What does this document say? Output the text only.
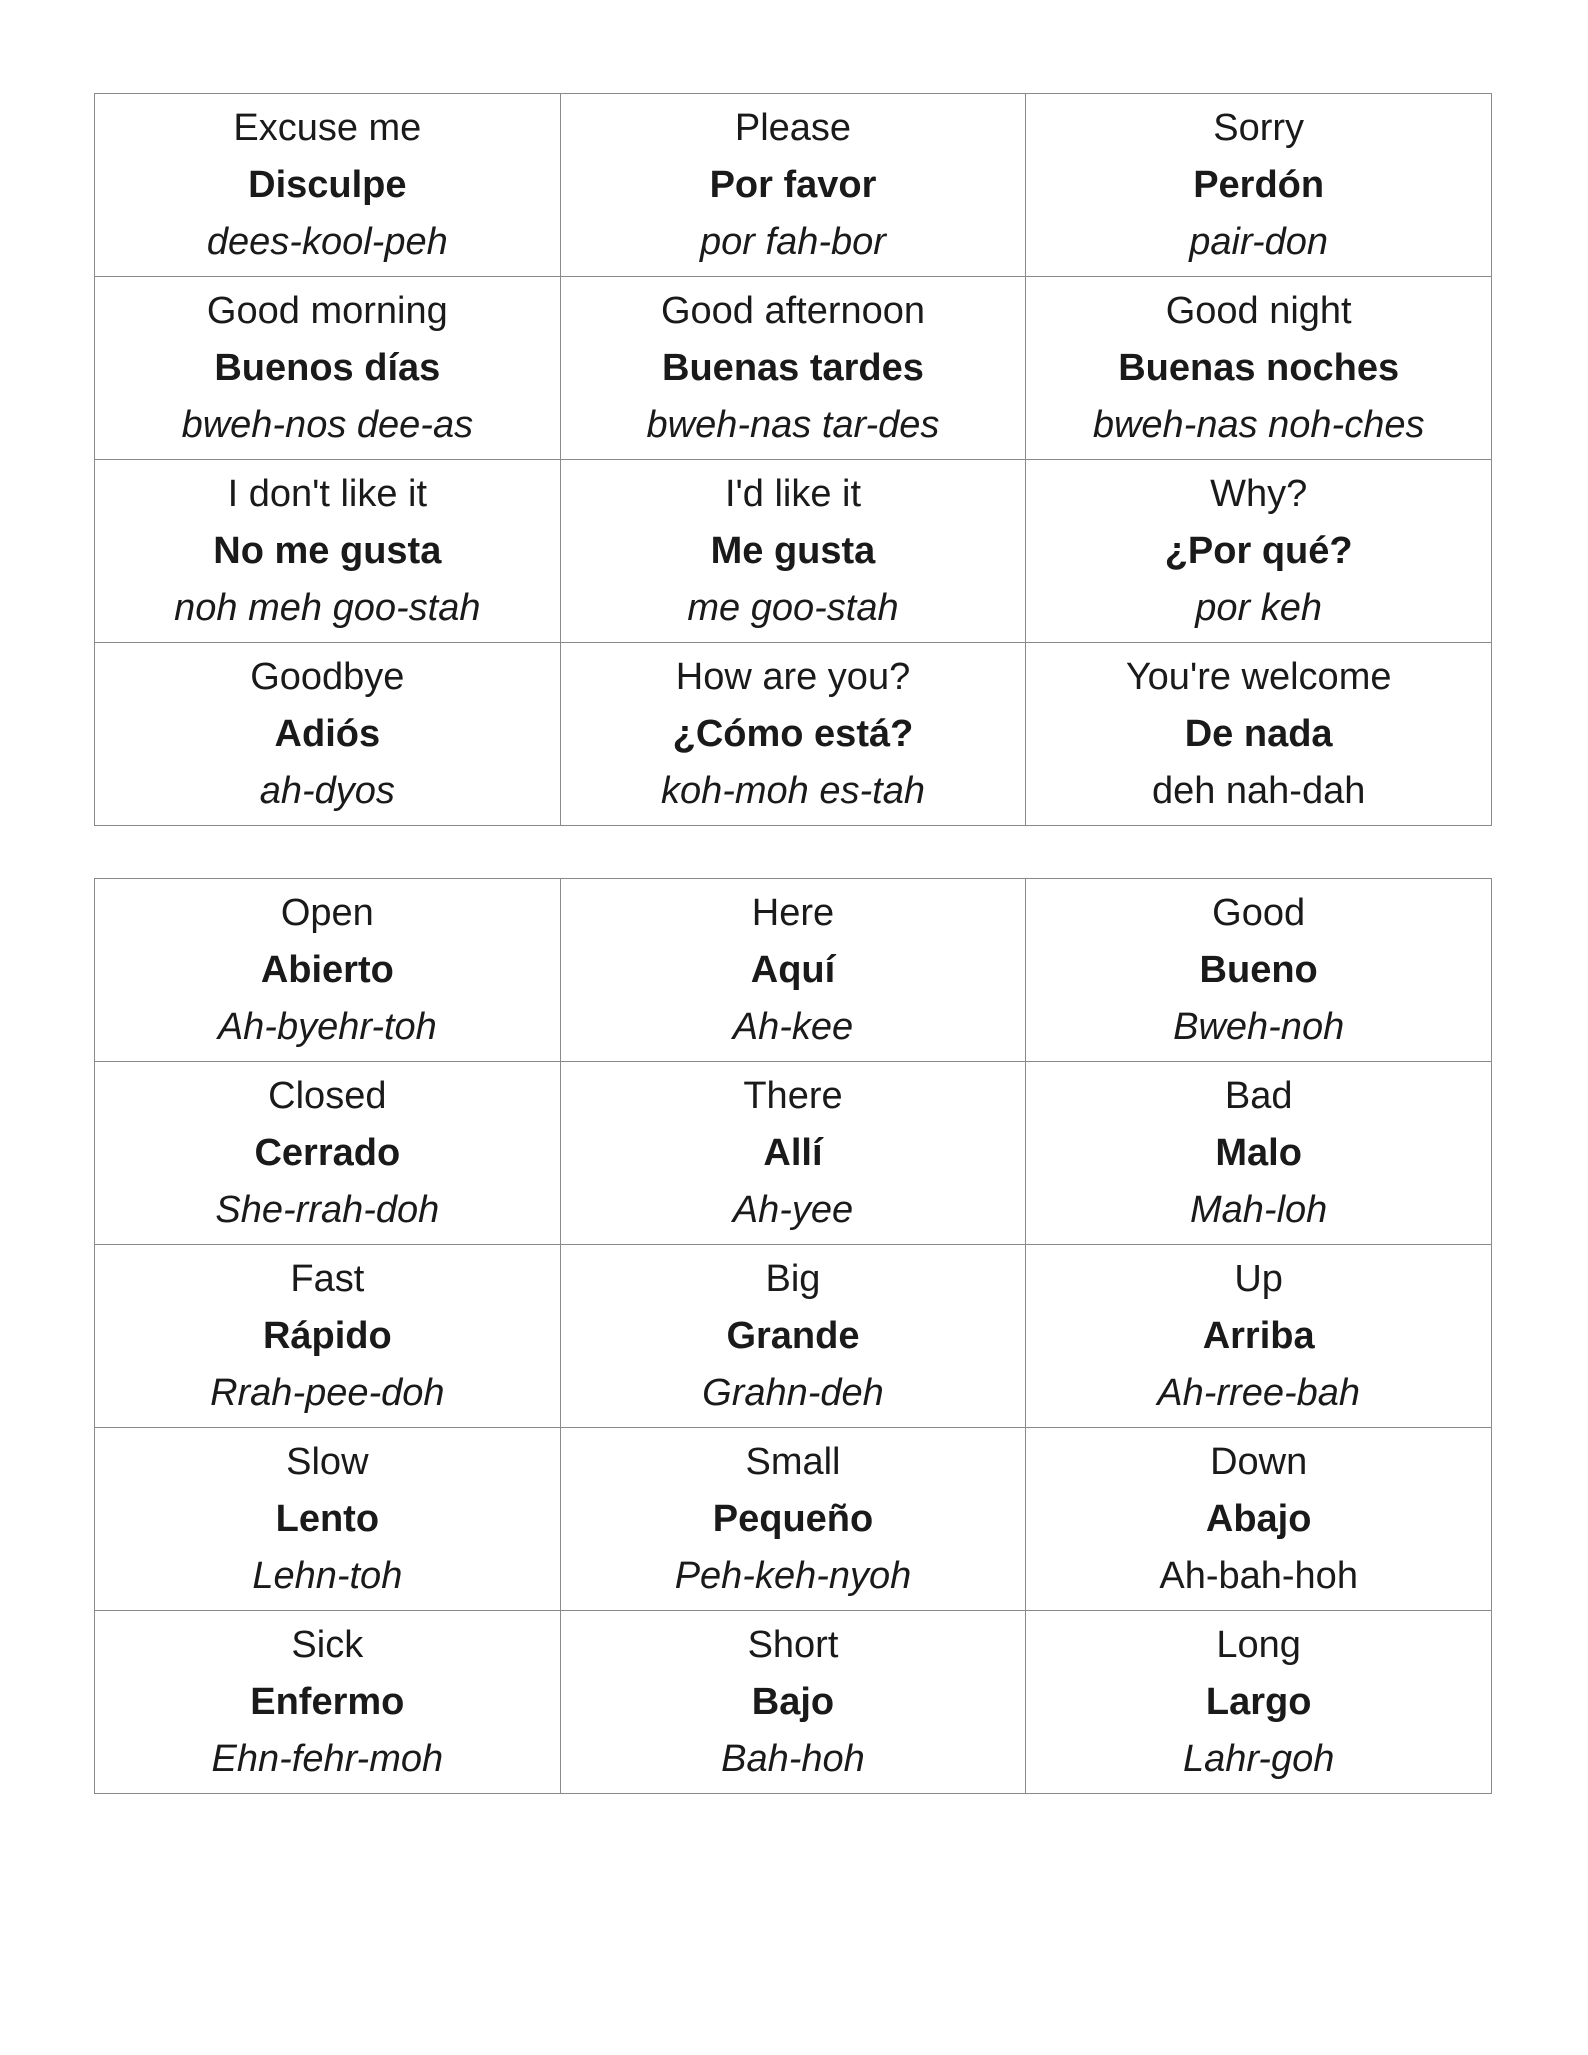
Excuse me
Disculpe
dees-kool-peh	Please
Por favor
por fah-bor	Sorry
Perdón
pair-don

Good morning
Buenos días
bweh-nos dee-as	Good afternoon
Buenas tardes
bweh-nas tar-des	Good night
Buenas noches
bweh-nas noh-ches

I don't like it
No me gusta
noh meh goo-stah	I'd like it
Me gusta
me goo-stah	Why?
¿Por qué?
por keh

Goodbye
Adiós
ah-dyos	How are you?
¿Cómo está?
koh-moh es-tah	You're welcome
De nada
deh nah-dah
Open
Abierto
Ah-byehr-toh	Here
Aquí
Ah-kee	Good
Bueno
Bweh-noh

Closed
Cerrado
She-rrah-doh	There
Allí
Ah-yee	Bad
Malo
Mah-loh

Fast
Rápido
Rrah-pee-doh	Big
Grande
Grahn-deh	Up
Arriba
Ah-rree-bah

Slow
Lento
Lehn-toh	Small
Pequeño
Peh-keh-nyoh	Down
Abajo
Ah-bah-hoh

Sick
Enfermo
Ehn-fehr-moh	Short
Bajo
Bah-hoh	Long
Largo
Lahr-goh
